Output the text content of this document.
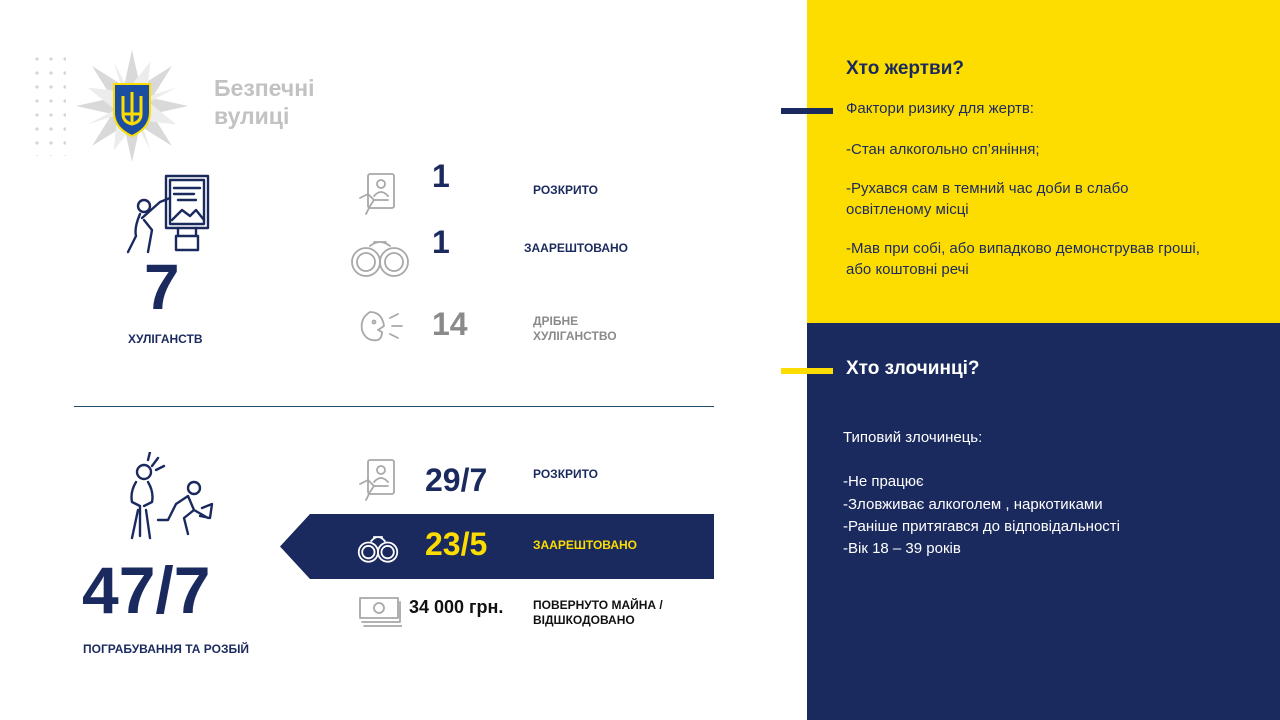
Безпечні
вулиці
7
ХУЛІГАНСТВ
1	РОЗКРИТО
1	ЗААРЕШТОВАНО
14	ДРІБНЕ ХУЛІГАНСТВО
47/7
ПОГРАБУВАННЯ ТА РОЗБІЙ
29/7	РОЗКРИТО
23/5	ЗААРЕШТОВАНО
34 000 грн. ПОВЕРНУТО МАЙНА / ВІДШКОДОВАНО
Хто жертви?
Фактори ризику для жертв:
-Стан алкогольно сп’яніння;
-Рухався сам в темний час доби в слабо освітленому місці
-Мав при собі, або випадково демонстрував гроші, або коштовні речі
Хто злочинці?
Типовий злочинець:
-Не працює
-Зловживає алкоголем , наркотиками
-Раніше притягався до відповідальності
-Вік 18 – 39 років
